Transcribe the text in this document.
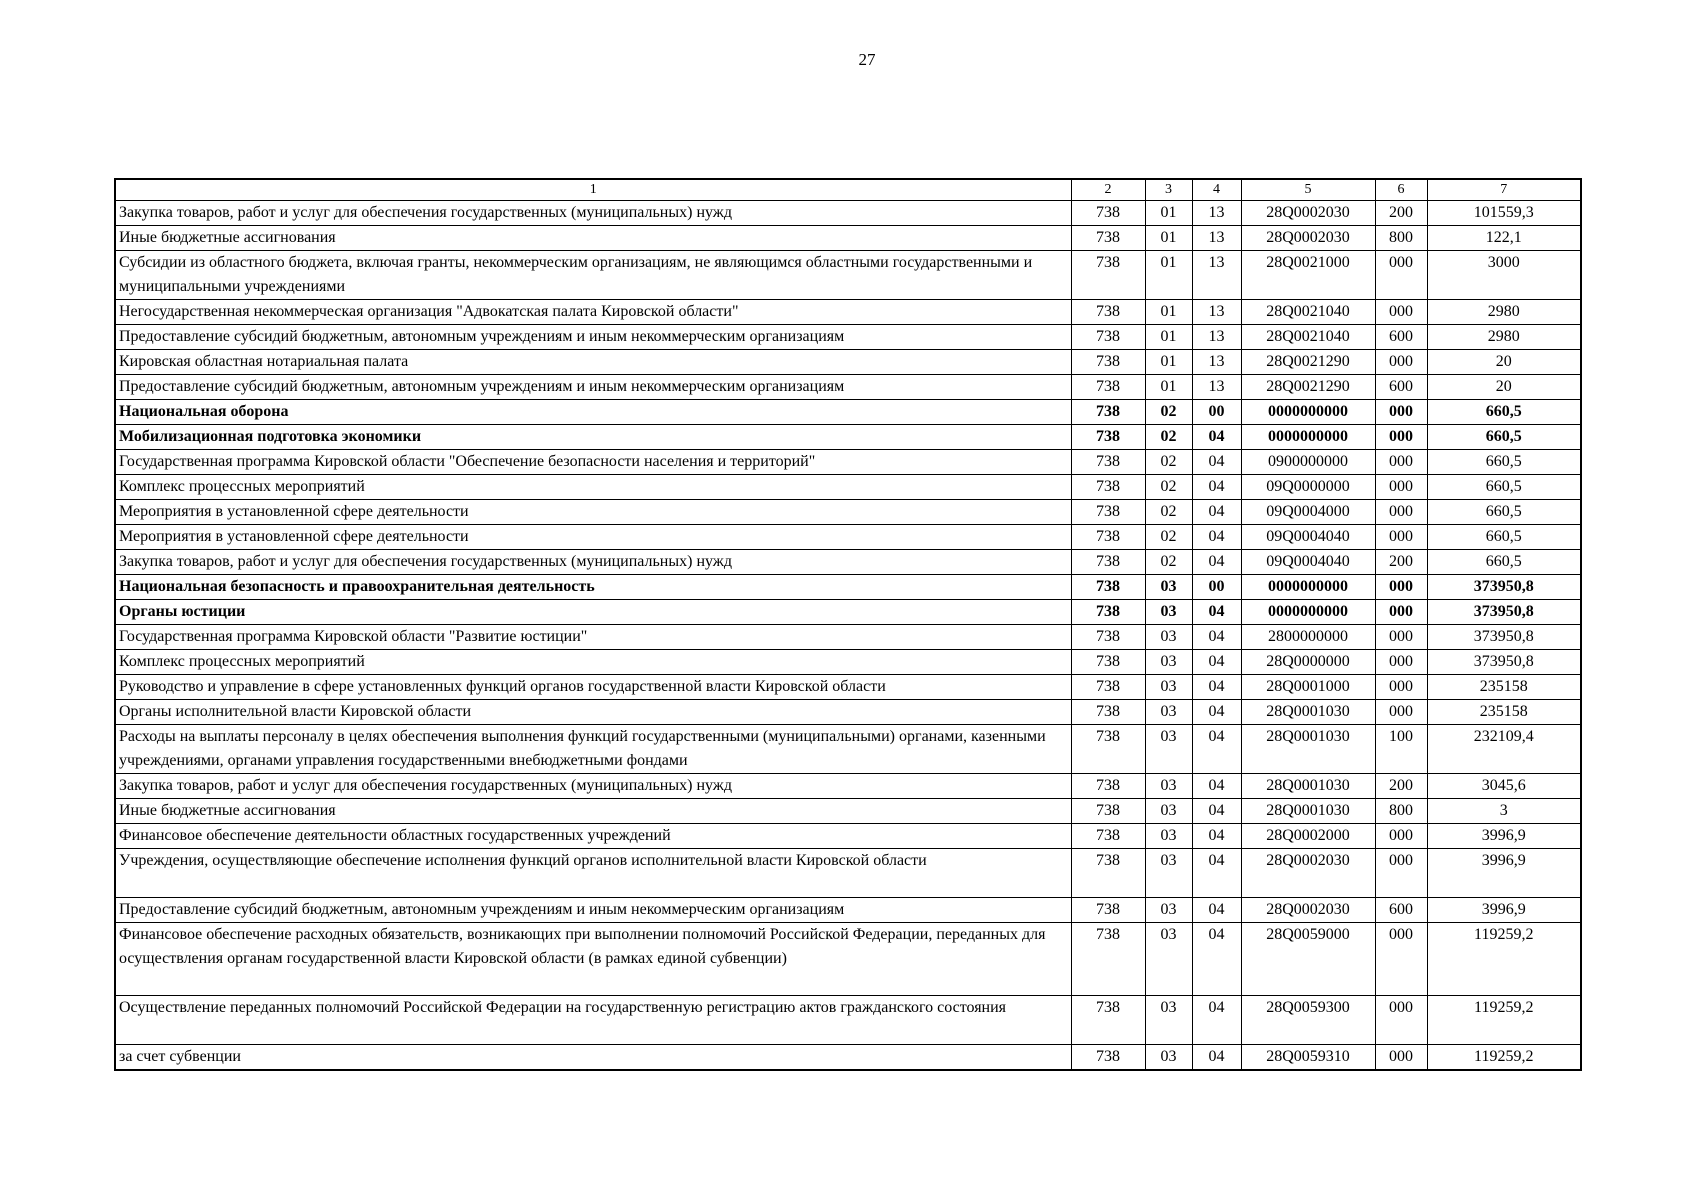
27
1	2	3	4	5	6	7
Закупка товаров, работ и услуг для обеспечения государственных (муниципальных) нужд	738	01	13	28Q0002030	200	101559,3
Иные бюджетные ассигнования	738	01	13	28Q0002030	800	122,1
Субсидии из областного бюджета, включая гранты, некоммерческим организациям, не являющимся областными государственными и муниципальными учреждениями	738	01	13	28Q0021000	000	3000
Негосударственная некоммерческая организация "Адвокатская палата Кировской области"	738	01	13	28Q0021040	000	2980
Предоставление субсидий бюджетным, автономным учреждениям и иным некоммерческим организациям	738	01	13	28Q0021040	600	2980
Кировская областная нотариальная палата	738	01	13	28Q0021290	000	20
Предоставление субсидий бюджетным, автономным учреждениям и иным некоммерческим организациям	738	01	13	28Q0021290	600	20
Национальная оборона	738	02	00	0000000000	000	660,5
Мобилизационная подготовка экономики	738	02	04	0000000000	000	660,5
Государственная программа Кировской области "Обеспечение безопасности населения и территорий"	738	02	04	0900000000	000	660,5
Комплекс процессных мероприятий	738	02	04	09Q0000000	000	660,5
Мероприятия в установленной сфере деятельности	738	02	04	09Q0004000	000	660,5
Мероприятия в установленной сфере деятельности	738	02	04	09Q0004040	000	660,5
Закупка товаров, работ и услуг для обеспечения государственных (муниципальных) нужд	738	02	04	09Q0004040	200	660,5
Национальная безопасность и правоохранительная деятельность	738	03	00	0000000000	000	373950,8
Органы юстиции	738	03	04	0000000000	000	373950,8
Государственная программа Кировской области "Развитие юстиции"	738	03	04	2800000000	000	373950,8
Комплекс процессных мероприятий	738	03	04	28Q0000000	000	373950,8
Руководство и управление в сфере установленных функций органов государственной власти Кировской области	738	03	04	28Q0001000	000	235158
Органы исполнительной власти Кировской области	738	03	04	28Q0001030	000	235158
Расходы на выплаты персоналу в целях обеспечения выполнения функций государственными (муниципальными) органами, казенными учреждениями, органами управления государственными внебюджетными фондами	738	03	04	28Q0001030	100	232109,4
Закупка товаров, работ и услуг для обеспечения государственных (муниципальных) нужд	738	03	04	28Q0001030	200	3045,6
Иные бюджетные ассигнования	738	03	04	28Q0001030	800	3
Финансовое обеспечение деятельности областных государственных учреждений	738	03	04	28Q0002000	000	3996,9
Учреждения, осуществляющие обеспечение исполнения функций органов исполнительной власти Кировской области	738	03	04	28Q0002030	000	3996,9
Предоставление субсидий бюджетным, автономным учреждениям и иным некоммерческим организациям	738	03	04	28Q0002030	600	3996,9
Финансовое обеспечение расходных обязательств, возникающих при выполнении полномочий Российской Федерации, переданных для осуществления органам государственной власти Кировской области (в рамках единой субвенции)	738	03	04	28Q0059000	000	119259,2
Осуществление переданных полномочий Российской Федерации на государственную регистрацию актов гражданского состояния	738	03	04	28Q0059300	000	119259,2
за счет субвенции	738	03	04	28Q0059310	000	119259,2
